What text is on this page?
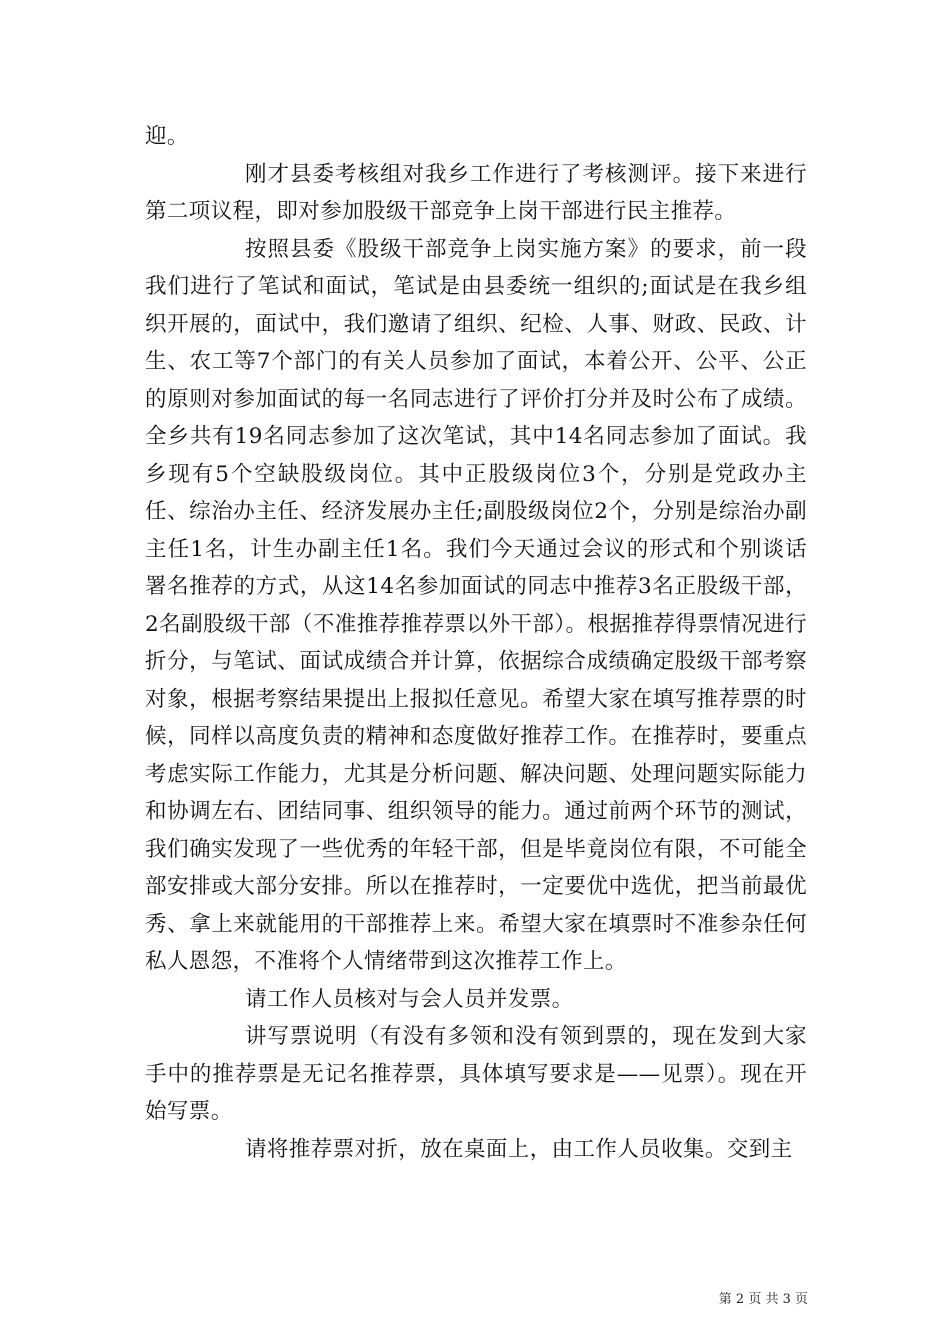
迎。

刚才县委考核组对我乡工作进行了考核测评。接下来进行第二项议程，即对参加股级干部竞争上岗干部进行民主推荐。

按照县委《股级干部竞争上岗实施方案》的要求，前一段我们进行了笔试和面试，笔试是由县委统一组织的;面试是在我乡组织开展的，面试中，我们邀请了组织、纪检、人事、财政、民政、计生、农工等7个部门的有关人员参加了面试，本着公开、公平、公正的原则对参加面试的每一名同志进行了评价打分并及时公布了成绩。全乡共有19名同志参加了这次笔试，其中14名同志参加了面试。我乡现有5个空缺股级岗位。其中正股级岗位3个，分别是党政办主任、综治办主任、经济发展办主任;副股级岗位2个，分别是综治办副主任1名，计生办副主任1名。我们今天通过会议的形式和个别谈话署名推荐的方式，从这14名参加面试的同志中推荐3名正股级干部，2名副股级干部（不准推荐推荐票以外干部）。根据推荐得票情况进行折分，与笔试、面试成绩合并计算，依据综合成绩确定股级干部考察对象，根据考察结果提出上报拟任意见。希望大家在填写推荐票的时候，同样以高度负责的精神和态度做好推荐工作。在推荐时，要重点考虑实际工作能力，尤其是分析问题、解决问题、处理问题实际能力和协调左右、团结同事、组织领导的能力。通过前两个环节的测试，我们确实发现了一些优秀的年轻干部，但是毕竟岗位有限，不可能全部安排或大部分安排。所以在推荐时，一定要优中选优，把当前最优秀、拿上来就能用的干部推荐上来。希望大家在填票时不准参杂任何私人恩怨，不准将个人情绪带到这次推荐工作上。

请工作人员核对与会人员并发票。

讲写票说明（有没有多领和没有领到票的，现在发到大家手中的推荐票是无记名推荐票，具体填写要求是——见票）。现在开始写票。

请将推荐票对折，放在桌面上，由工作人员收集。交到主

第 2 页 共 3 页
